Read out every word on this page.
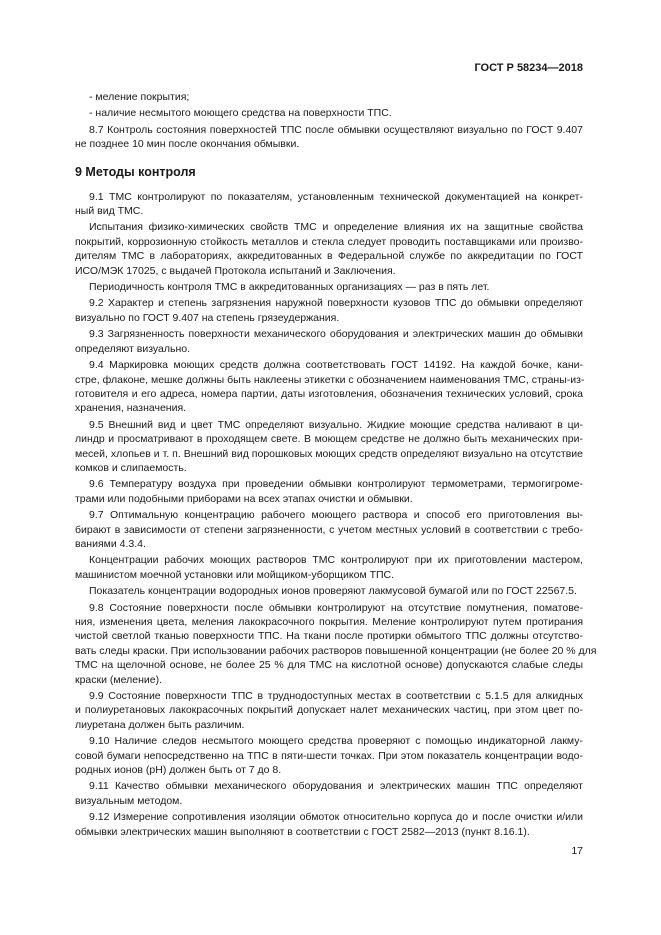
ГОСТ Р 58234—2018
- меление покрытия;
- наличие несмытого моющего средства на поверхности ТПС.
8.7 Контроль состояния поверхностей ТПС после обмывки осуществляют визуально по ГОСТ 9.407
не позднее 10 мин после окончания обмывки.
9 Методы контроля
9.1 ТМС контролируют по показателям, установленным технической документацией на конкрет-
ный вид ТМС.
Испытания физико-химических свойств ТМС и определение влияния их на защитные свойства
покрытий, коррозионную стойкость металлов и стекла следует проводить поставщиками или произво-
дителям ТМС в лабораториях, аккредитованных в Федеральной службе по аккредитации по ГОСТ
ИСО/МЭК 17025, с выдачей Протокола испытаний и Заключения.
Периодичность контроля ТМС в аккредитованных организациях — раз в пять лет.
9.2 Характер и степень загрязнения наружной поверхности кузовов ТПС до обмывки определяют
визуально по ГОСТ 9.407 на степень грязеудержания.
9.3 Загрязненность поверхности механического оборудования и электрических машин до обмывки
определяют визуально.
9.4 Маркировка моющих средств должна соответствовать ГОСТ 14192. На каждой бочке, кани-
стре, флаконе, мешке должны быть наклеены этикетки с обозначением наименования ТМС, страны-из-
готовителя и его адреса, номера партии, даты изготовления, обозначения технических условий, срока
хранения, назначения.
9.5 Внешний вид и цвет ТМС определяют визуально. Жидкие моющие средства наливают в ци-
линдр и просматривают в проходящем свете. В моющем средстве не должно быть механических при-
месей, хлопьев и т. п. Внешний вид порошковых моющих средств определяют визуально на отсутствие
комков и слипаемость.
9.6 Температуру воздуха при проведении обмывки контролируют термометрами, термогигроме-
трами или подобными приборами на всех этапах очистки и обмывки.
9.7 Оптимальную концентрацию рабочего моющего раствора и способ его приготовления вы-
бирают в зависимости от степени загрязненности, с учетом местных условий в соответствии с требо-
ваниями 4.3.4.
Концентрации рабочих моющих растворов ТМС контролируют при их приготовлении мастером,
машинистом моечной установки или мойщиком-уборщиком ТПС.
Показатель концентрации водородных ионов проверяют лакмусовой бумагой или по ГОСТ 22567.5.
9.8 Состояние поверхности после обмывки контролируют на отсутствие помутнения, поматове-
ния, изменения цвета, меления лакокрасочного покрытия. Меление контролируют путем протирания
чистой светлой тканью поверхности ТПС. На ткани после протирки обмытого ТПС должны отсутство-
вать следы краски. При использовании рабочих растворов повышенной концентрации (не более 20 % для
ТМС на щелочной основе, не более 25 % для ТМС на кислотной основе) допускаются слабые следы
краски (меление).
9.9 Состояние поверхности ТПС в труднодоступных местах в соответствии с 5.1.5 для алкидных
и полиуретановых лакокрасочных покрытий допускает налет механических частиц, при этом цвет по-
лиуретана должен быть различим.
9.10 Наличие следов несмытого моющего средства проверяют с помощью индикаторной лакму-
совой бумаги непосредственно на ТПС в пяти-шести точках. При этом показатель концентрации водо-
родных ионов (рН) должен быть от 7 до 8.
9.11 Качество обмывки механического оборудования и электрических машин ТПС определяют
визуальным методом.
9.12 Измерение сопротивления изоляции обмоток относительно корпуса до и после очистки и/или
обмывки электрических машин выполняют в соответствии с ГОСТ 2582—2013 (пункт 8.16.1).
17
